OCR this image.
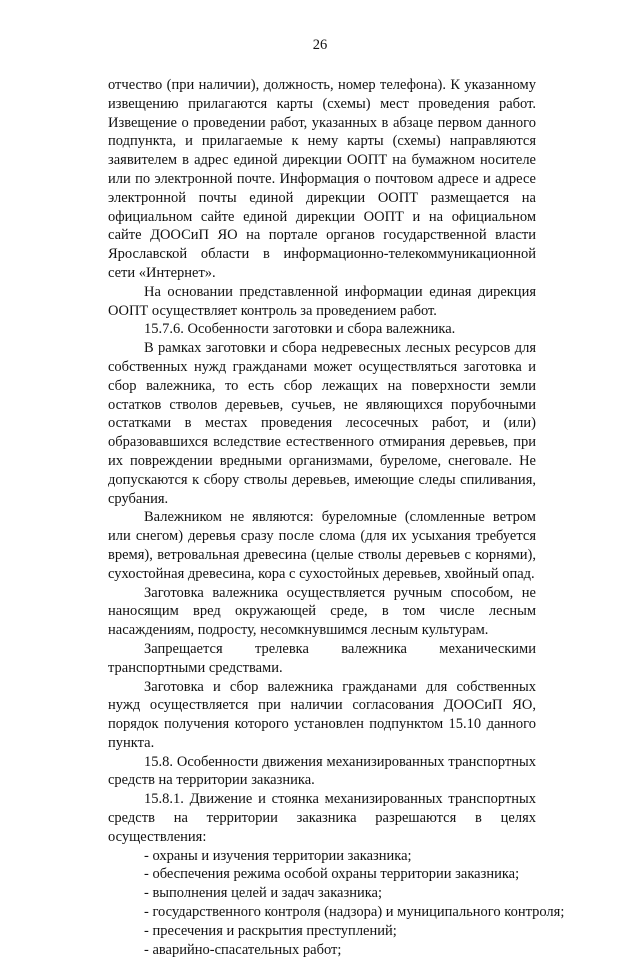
26

отчество (при наличии), должность, номер телефона). К указанному извещению прилагаются карты (схемы) мест проведения работ. Извещение о проведении работ, указанных в абзаце первом данного подпункта, и прилагаемые к нему карты (схемы) направляются заявителем в адрес единой дирекции ООПТ на бумажном носителе или по электронной почте. Информация о почтовом адресе и адресе электронной почты единой дирекции ООПТ размещается на официальном сайте единой дирекции ООПТ и на официальном сайте ДООСиП ЯО на портале органов государственной власти Ярославской области в информационно-телекоммуникационной сети «Интернет».

На основании представленной информации единая дирекция ООПТ осуществляет контроль за проведением работ.

15.7.6. Особенности заготовки и сбора валежника.

В рамках заготовки и сбора недревесных лесных ресурсов для собственных нужд гражданами может осуществляться заготовка и сбор валежника, то есть сбор лежащих на поверхности земли остатков стволов деревьев, сучьев, не являющихся порубочными остатками в местах проведения лесосечных работ, и (или) образовавшихся вследствие естественного отмирания деревьев, при их повреждении вредными организмами, буреломе, снеговале. Не допускаются к сбору стволы деревьев, имеющие следы спиливания, срубания.

Валежником не являются: буреломные (сломленные ветром или снегом) деревья сразу после слома (для их усыхания требуется время), ветровальная древесина (целые стволы деревьев с корнями), сухостойная древесина, кора с сухостойных деревьев, хвойный опад.

Заготовка валежника осуществляется ручным способом, не наносящим вред окружающей среде, в том числе лесным насаждениям, подросту, несомкнувшимся лесным культурам.

Запрещается трелевка валежника механическими транспортными средствами.

Заготовка и сбор валежника гражданами для собственных нужд осуществляется при наличии согласования ДООСиП ЯО, порядок получения которого установлен подпунктом 15.10 данного пункта.

15.8. Особенности движения механизированных транспортных средств на территории заказника.

15.8.1. Движение и стоянка механизированных транспортных средств на территории заказника разрешаются в целях осуществления:

- охраны и изучения территории заказника;

- обеспечения режима особой охраны территории заказника;

- выполнения целей и задач заказника;

- государственного контроля (надзора) и муниципального контроля;

- пресечения и раскрытия преступлений;

- аварийно-спасательных работ;
